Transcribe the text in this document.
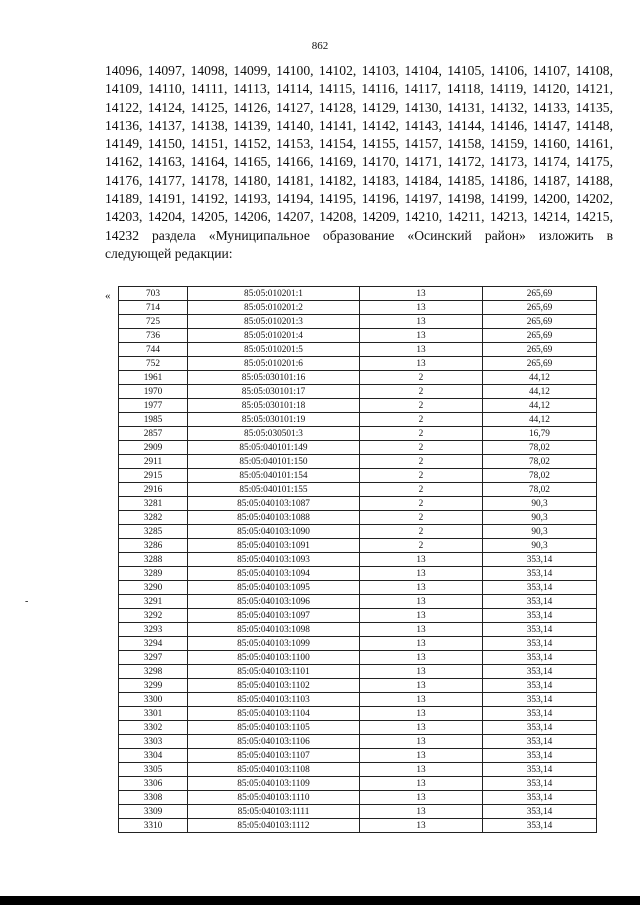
862

14096, 14097, 14098, 14099, 14100, 14102, 14103, 14104, 14105, 14106, 14107, 14108, 14109, 14110, 14111, 14113, 14114, 14115, 14116, 14117, 14118, 14119, 14120, 14121, 14122, 14124, 14125, 14126, 14127, 14128, 14129, 14130, 14131, 14132, 14133, 14135, 14136, 14137, 14138, 14139, 14140, 14141, 14142, 14143, 14144, 14146, 14147, 14148, 14149, 14150, 14151, 14152, 14153, 14154, 14155, 14157, 14158, 14159, 14160, 14161, 14162, 14163, 14164, 14165, 14166, 14169, 14170, 14171, 14172, 14173, 14174, 14175, 14176, 14177, 14178, 14180, 14181, 14182, 14183, 14184, 14185, 14186, 14187, 14188, 14189, 14191, 14192, 14193, 14194, 14195, 14196, 14197, 14198, 14199, 14200, 14202, 14203, 14204, 14205, 14206, 14207, 14208, 14209, 14210, 14211, 14213, 14214, 14215, 14232 раздела «Муниципальное образование «Осинский район» изложить в следующей редакции:

«
-
703	85:05:010201:1	13	265,69
714	85:05:010201:2	13	265,69
725	85:05:010201:3	13	265,69
736	85:05:010201:4	13	265,69
744	85:05:010201:5	13	265,69
752	85:05:010201:6	13	265,69
1961	85:05:030101:16	2	44,12
1970	85:05:030101:17	2	44,12
1977	85:05:030101:18	2	44,12
1985	85:05:030101:19	2	44,12
2857	85:05:030501:3	2	16,79
2909	85:05:040101:149	2	78,02
2911	85:05:040101:150	2	78,02
2915	85:05:040101:154	2	78,02
2916	85:05:040101:155	2	78,02
3281	85:05:040103:1087	2	90,3
3282	85:05:040103:1088	2	90,3
3285	85:05:040103:1090	2	90,3
3286	85:05:040103:1091	2	90,3
3288	85:05:040103:1093	13	353,14
3289	85:05:040103:1094	13	353,14
3290	85:05:040103:1095	13	353,14
3291	85:05:040103:1096	13	353,14
3292	85:05:040103:1097	13	353,14
3293	85:05:040103:1098	13	353,14
3294	85:05:040103:1099	13	353,14
3297	85:05:040103:1100	13	353,14
3298	85:05:040103:1101	13	353,14
3299	85:05:040103:1102	13	353,14
3300	85:05:040103:1103	13	353,14
3301	85:05:040103:1104	13	353,14
3302	85:05:040103:1105	13	353,14
3303	85:05:040103:1106	13	353,14
3304	85:05:040103:1107	13	353,14
3305	85:05:040103:1108	13	353,14
3306	85:05:040103:1109	13	353,14
3308	85:05:040103:1110	13	353,14
3309	85:05:040103:1111	13	353,14
3310	85:05:040103:1112	13	353,14
